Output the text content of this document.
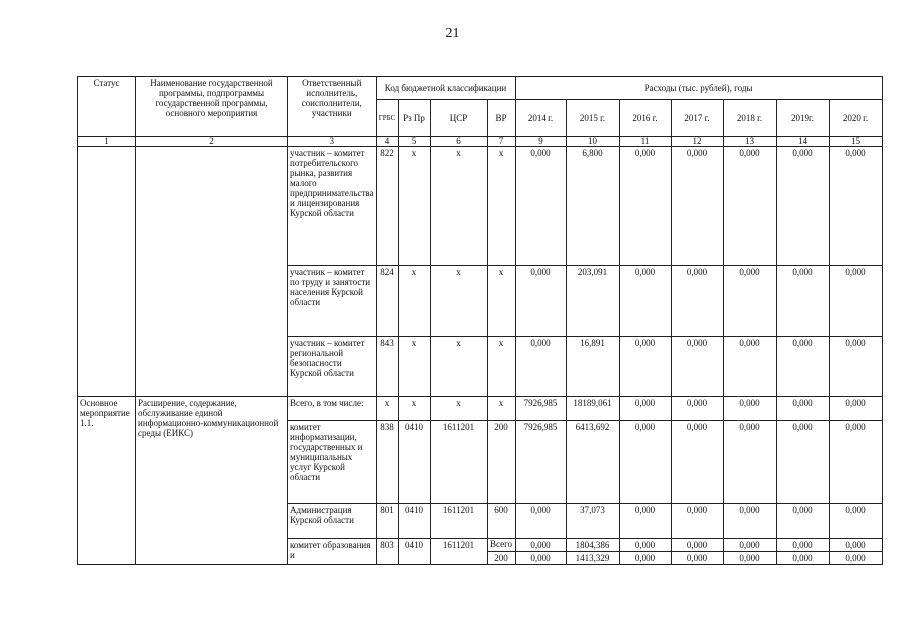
21
Статус	Наименование государственной программы, подпрограммы государственной программы, основного мероприятия	Ответственный исполнитель, соисполнители, участники	Код бюджетной классификации				Расходы (тыс. рублей), годы						
			ГРБС	Рз Пр	ЦСР	ВР	2014 г.	2015 г.	2016 г.	2017 г.	2018 г.	2019г.	2020 г.
1	2	3	4	5	6	7	9	10	11	12	13	14	15
		участник – комитет потребительского рынка, развития малого предпринимательства и лицензирования Курской области	822	x	x	x	0,000	6,800	0,000	0,000	0,000	0,000	0,000
		участник – комитет по труду и занятости населения Курской области	824	x	x	x	0,000	203,091	0,000	0,000	0,000	0,000	0,000
		участник – комитет региональной безопасности Курской области	843	x	x	x	0,000	16,891	0,000	0,000	0,000	0,000	0,000
Основное мероприятие 1.1.	Расширение, содержание, обслуживание единой информационно-коммуникационной среды (ЕИКС)	Всего, в том числе:	x	x	x	x	7926,985	18189,061	0,000	0,000	0,000	0,000	0,000
		комитет информатизации, государственных и муниципальных услуг Курской области	838	0410	1611201	200	7926,985	6413,692	0,000	0,000	0,000	0,000	0,000
		Администрация Курской области	801	0410	1611201	600	0,000	37,073	0,000	0,000	0,000	0,000	0,000
		комитет образования и	803	0410	1611201	Всего	0,000	1804,386	0,000	0,000	0,000	0,000	0,000
						200	0,000	1413,329	0,000	0,000	0,000	0,000	0,000
